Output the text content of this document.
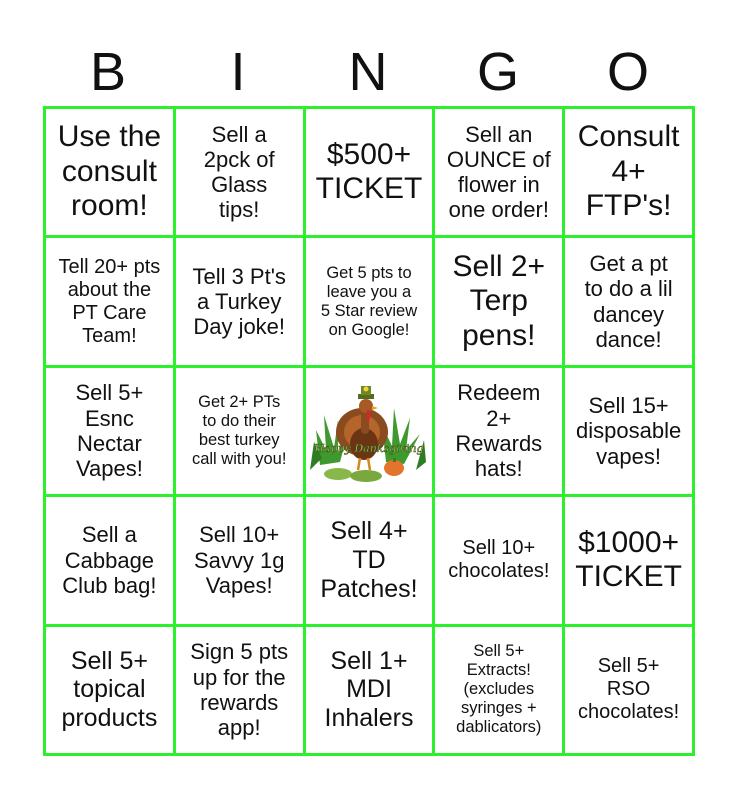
B	I	N	G	O
Use the
consult
room!
Sell a
2pck of
Glass
tips!
$500+
TICKET
Sell an
OUNCE of
flower in
one order!
Consult
4+
FTP's!
Tell 20+ pts
about the
PT Care
Team!
Tell 3 Pt's
a Turkey
Day joke!
Get 5 pts to
leave you a
5 Star review
on Google!
Sell 2+
Terp
pens!
Get a pt
to do a lil
dancey
dance!
Sell 5+
Esnc
Nectar
Vapes!
Get 2+ PTs
to do their
best turkey
call with you!
Happy Danksgiving
Redeem
2+
Rewards
hats!
Sell 15+
disposable
vapes!
Sell a
Cabbage
Club bag!
Sell 10+
Savvy 1g
Vapes!
Sell 4+
TD
Patches!
Sell 10+
chocolates!
$1000+
TICKET
Sell 5+
topical
products
Sign 5 pts
up for the
rewards
app!
Sell 1+
MDI
Inhalers
Sell 5+
Extracts!
(excludes
syringes +
dablicators)
Sell 5+
RSO
chocolates!
